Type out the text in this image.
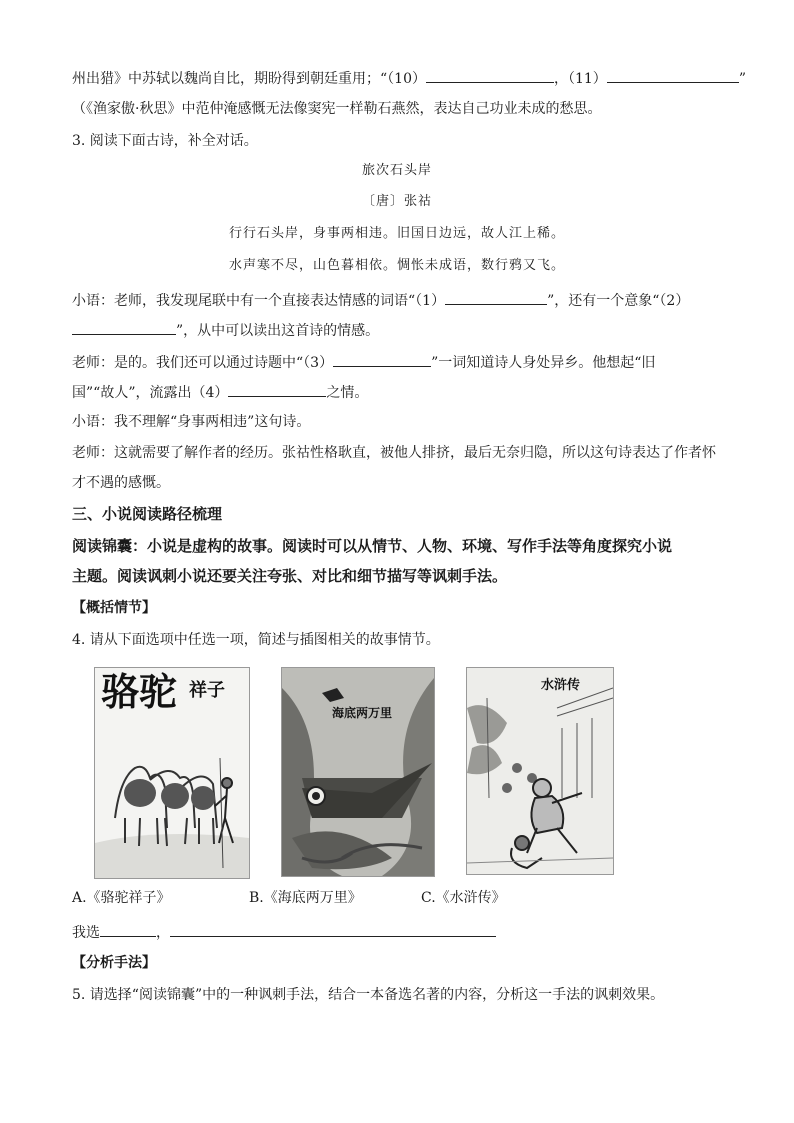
州出猎》中苏轼以魏尚自比，期盼得到朝廷重用；“（10）	，（11）	”
（《渔家傲·秋思》中范仲淹感慨无法像窦宪一样勒石燕然，表达自己功业未成的愁思。
3. 阅读下面古诗，补全对话。
旅次石头岸
〔唐〕张祜
行行石头岸，身事两相违。旧国日边远，故人江上稀。
水声寒不尽，山色暮相依。惆怅未成语，数行鸦又飞。
小语：老师，我发现尾联中有一个直接表达情感的词语“（1）	”，还有一个意象“（2）
”，从中可以读出这首诗的情感。
老师：是的。我们还可以通过诗题中“（3）	”一词知道诗人身处异乡。他想起“旧
国”“故人”，流露出（4）	之情。
小语：我不理解“身事两相违”这句诗。
老师：这就需要了解作者的经历。张祜性格耿直，被他人排挤，最后无奈归隐，所以这句诗表达了作者怀
才不遇的感慨。
三、小说阅读路径梳理
阅读锦囊：小说是虚构的故事。阅读时可以从情节、人物、环境、写作手法等角度探究小说
主题。阅读讽刺小说还要关注夸张、对比和细节描写等讽刺手法。
【概括情节】
4. 请从下面选项中任选一项，简述与插图相关的故事情节。
骆驼 祥子
海底两万里
水浒传
A.《骆驼祥子》	B.《海底两万里》	C.《水浒传》
我选	，
【分析手法】
5. 请选择“阅读锦囊”中的一种讽刺手法，结合一本备选名著的内容，分析这一手法的讽刺效果。
